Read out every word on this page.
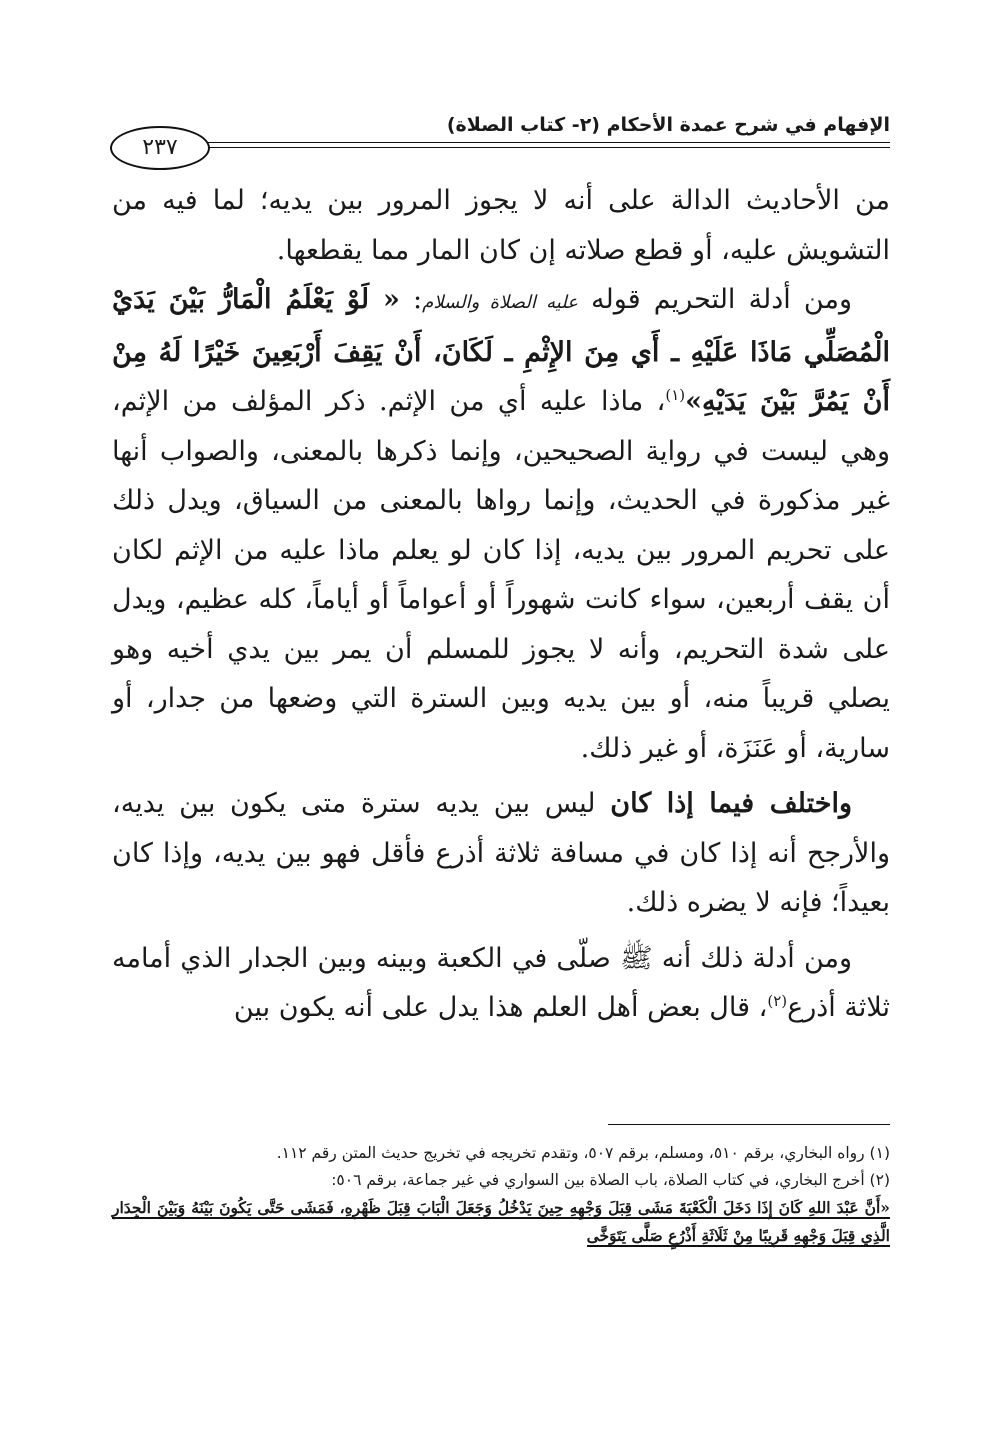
الإفهام في شرح عمدة الأحكام (٢- كتاب الصلاة)
٢٣٧

من الأحاديث الدالة على أنه لا يجوز المرور بين يديه؛ لما فيه من التشويش عليه، أو قطع صلاته إن كان المار مما يقطعها.

ومن أدلة التحريم قوله عليه الصلاة والسلام: « لَوْ يَعْلَمُ الْمَارُّ بَيْنَ يَدَيْ الْمُصَلِّي مَاذَا عَلَيْهِ ـ أَي مِنَ الإِثْمِ ـ لَكَانَ، أَنْ يَقِفَ أَرْبَعِينَ خَيْرًا لَهُ مِنْ أَنْ يَمُرَّ بَيْنَ يَدَيْهِ»$^{(١)}$، ماذا عليه أي من الإثم. ذكر المؤلف من الإثم، وهي ليست في رواية الصحيحين، وإنما ذكرها بالمعنى، والصواب أنها غير مذكورة في الحديث، وإنما رواها بالمعنى من السياق، ويدل ذلك على تحريم المرور بين يديه، إذا كان لو يعلم ماذا عليه من الإثم لكان أن يقف أربعين، سواء كانت شهوراً أو أعواماً أو أياماً، كله عظيم، ويدل على شدة التحريم، وأنه لا يجوز للمسلم أن يمر بين يدي أخيه وهو يصلي قريباً منه، أو بين يديه وبين السترة التي وضعها من جدار، أو سارية، أو عَنَزَة، أو غير ذلك.

واختلف فيما إذا كان ليس بين يديه سترة متى يكون بين يديه، والأرجح أنه إذا كان في مسافة ثلاثة أذرع فأقل فهو بين يديه، وإذا كان بعيداً؛ فإنه لا يضره ذلك.

ومن أدلة ذلك أنه ﷺ صلّى في الكعبة وبينه وبين الجدار الذي أمامه ثلاثة أذرع$^{(٢)}$، قال بعض أهل العلم هذا يدل على أنه يكون بين

(١) رواه البخاري، برقم ٥١٠، ومسلم، برقم ٥٠٧، وتقدم تخريجه في تخريج حديث المتن رقم ١١٢.

(٢) أخرج البخاري، في كتاب الصلاة، باب الصلاة بين السواري في غير جماعة، برقم ٥٠٦:

«أَنَّ عَبْدَ اللهِ كَانَ إِذَا دَخَلَ الْكَعْبَةَ مَشَى قِبَلَ وَجْهِهِ حِينَ يَدْخُلُ وَجَعَلَ الْبَابَ قِبَلَ ظَهْرِهِ، فَمَشَى حَتَّى يَكُونَ بَيْنَهُ وَبَيْنَ الْجِدَارِ الَّذِي قِبَلَ وَجْهِهِ قَرِيبًا مِنْ ثَلَاثَةِ أَذْرُعٍ صَلَّى يَتَوَخَّى
